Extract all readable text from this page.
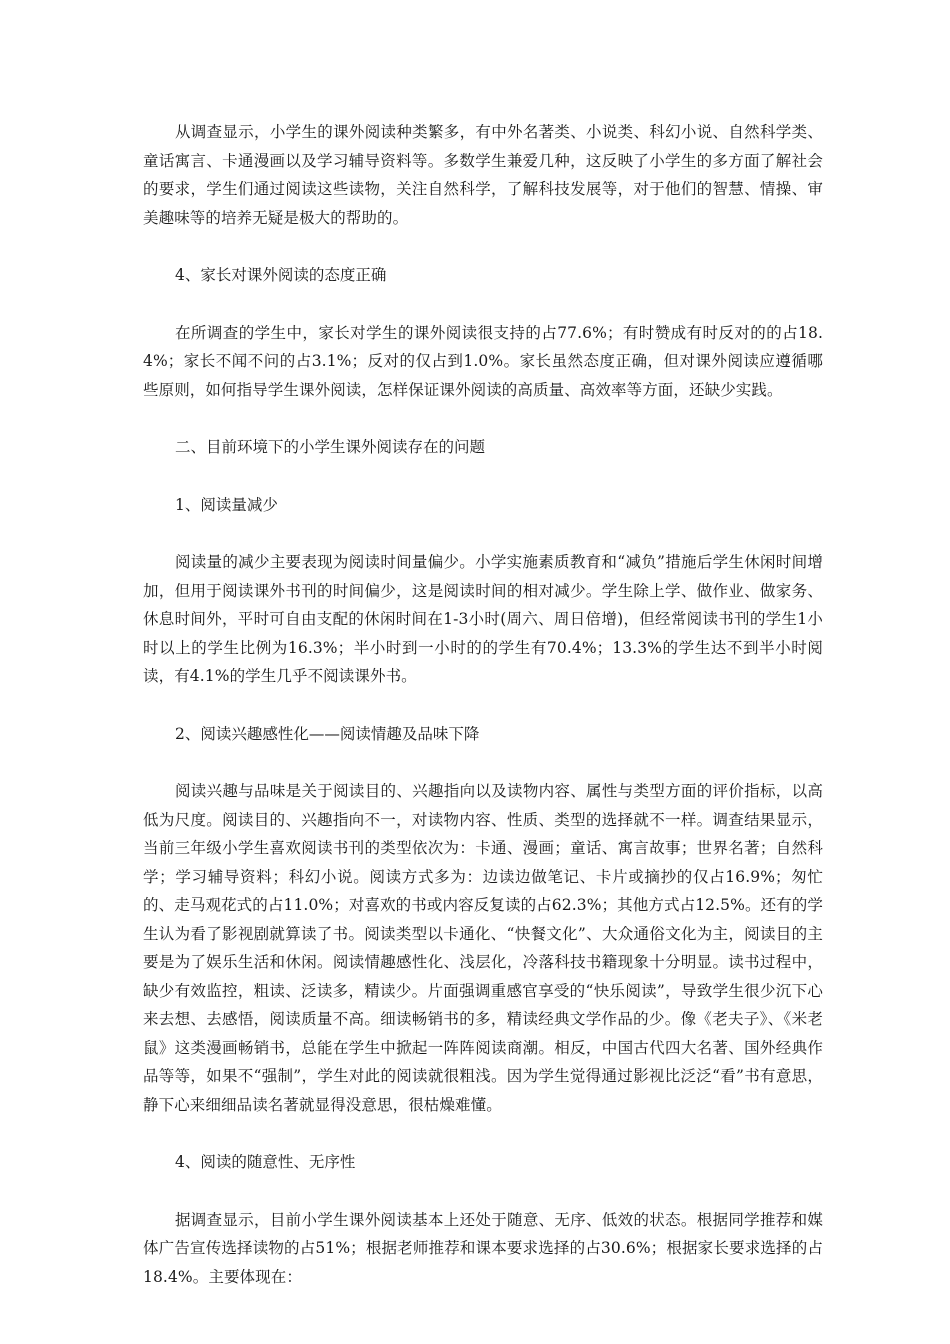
从调查显示，小学生的课外阅读种类繁多，有中外名著类、小说类、科幻小说、自然科学类、童话寓言、卡通漫画以及学习辅导资料等。多数学生兼爱几种，这反映了小学生的多方面了解社会的要求，学生们通过阅读这些读物，关注自然科学，了解科技发展等，对于他们的智慧、情操、审美趣味等的培养无疑是极大的帮助的。

4、家长对课外阅读的态度正确

在所调查的学生中，家长对学生的课外阅读很支持的占77.6%；有时赞成有时反对的的占18.4%；家长不闻不问的占3.1%；反对的仅占到1.0%。家长虽然态度正确，但对课外阅读应遵循哪些原则，如何指导学生课外阅读，怎样保证课外阅读的高质量、高效率等方面，还缺少实践。

二、目前环境下的小学生课外阅读存在的问题

1、阅读量减少

阅读量的减少主要表现为阅读时间量偏少。小学实施素质教育和“减负”措施后学生休闲时间增加，但用于阅读课外书刊的时间偏少，这是阅读时间的相对减少。学生除上学、做作业、做家务、休息时间外，平时可自由支配的休闲时间在1-3小时(周六、周日倍增)，但经常阅读书刊的学生1小时以上的学生比例为16.3%；半小时到一小时的的学生有70.4%；13.3%的学生达不到半小时阅读，有4.1%的学生几乎不阅读课外书。

2、阅读兴趣感性化——阅读情趣及品味下降

阅读兴趣与品味是关于阅读目的、兴趣指向以及读物内容、属性与类型方面的评价指标，以高低为尺度。阅读目的、兴趣指向不一，对读物内容、性质、类型的选择就不一样。调查结果显示，当前三年级小学生喜欢阅读书刊的类型依次为：卡通、漫画；童话、寓言故事；世界名著；自然科学；学习辅导资料；科幻小说。阅读方式多为：边读边做笔记、卡片或摘抄的仅占16.9%；匆忙的、走马观花式的占11.0%；对喜欢的书或内容反复读的占62.3%；其他方式占12.5%。还有的学生认为看了影视剧就算读了书。阅读类型以卡通化、“快餐文化”、大众通俗文化为主，阅读目的主要是为了娱乐生活和休闲。阅读情趣感性化、浅层化，冷落科技书籍现象十分明显。读书过程中，缺少有效监控，粗读、泛读多，精读少。片面强调重感官享受的“快乐阅读”，导致学生很少沉下心来去想、去感悟，阅读质量不高。细读畅销书的多，精读经典文学作品的少。像《老夫子》、《米老鼠》这类漫画畅销书，总能在学生中掀起一阵阵阅读商潮。相反，中国古代四大名著、国外经典作品等等，如果不“强制”，学生对此的阅读就很粗浅。因为学生觉得通过影视比泛泛“看”书有意思，静下心来细细品读名著就显得没意思，很枯燥难懂。

4、阅读的随意性、无序性

据调查显示，目前小学生课外阅读基本上还处于随意、无序、低效的状态。根据同学推荐和媒体广告宣传选择读物的占51%；根据老师推荐和课本要求选择的占30.6%；根据家长要求选择的占18.4%。主要体现在：
